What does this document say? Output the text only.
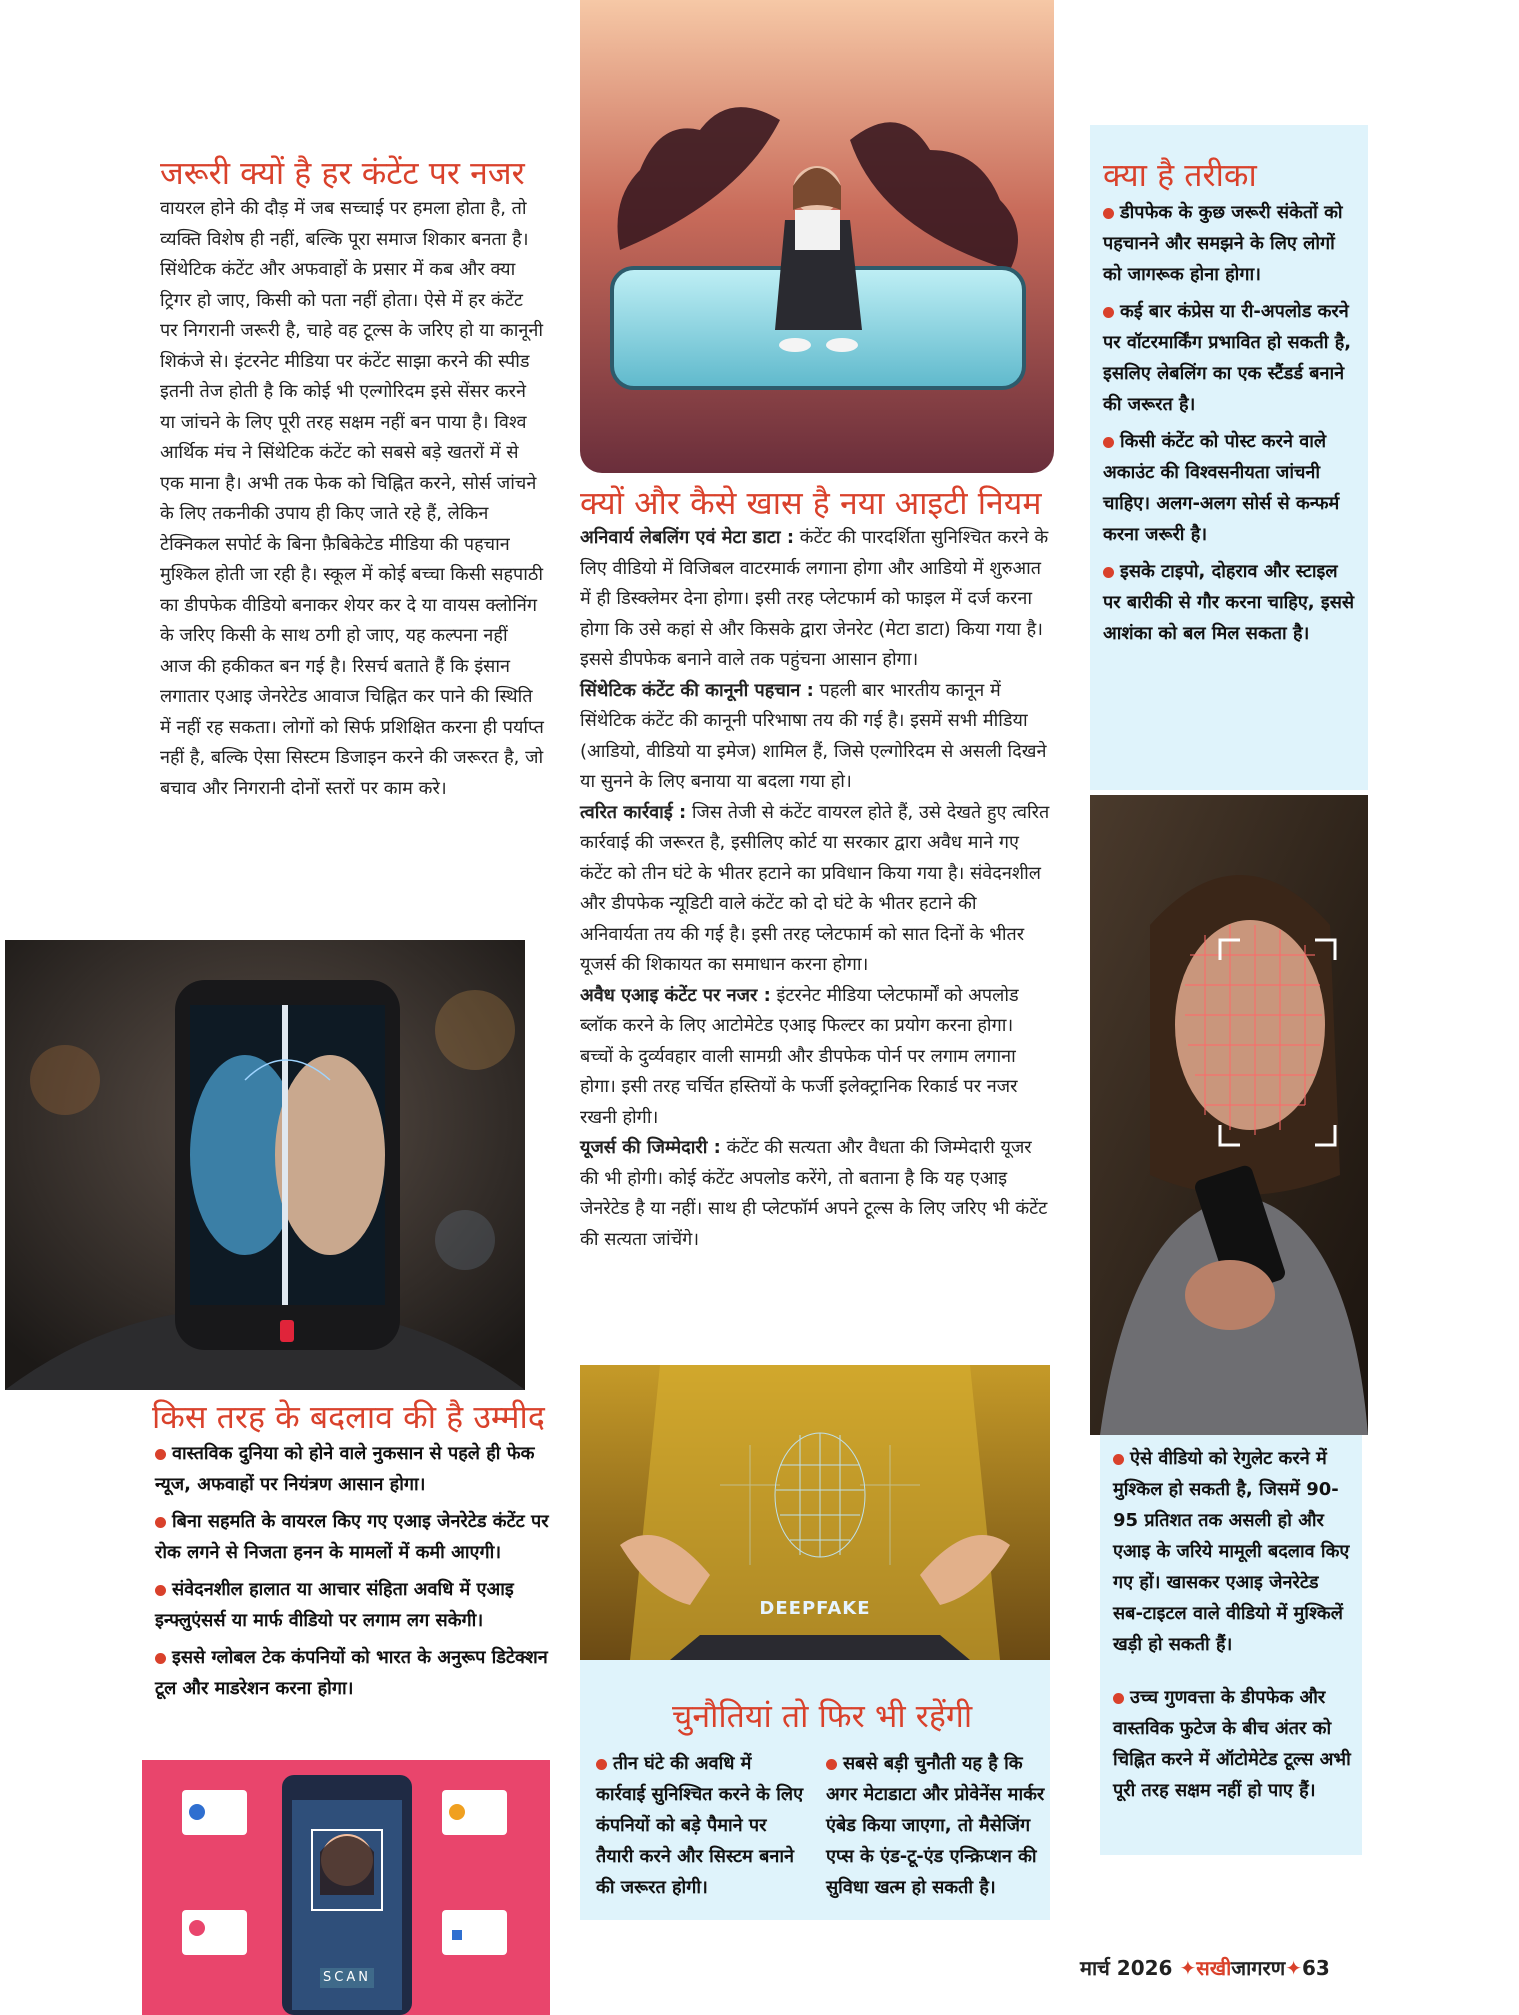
जरूरी क्यों है हर कंटेंट पर नजर

वायरल होने की दौड़ में जब सच्चाई पर हमला होता है, तो व्यक्ति विशेष ही नहीं, बल्कि पूरा समाज शिकार बनता है। सिंथेटिक कंटेंट और अफवाहों के प्रसार में कब और क्या ट्रिगर हो जाए, किसी को पता नहीं होता। ऐसे में हर कंटेंट पर निगरानी जरूरी है, चाहे वह टूल्स के जरिए हो या कानूनी शिकंजे से। इंटरनेट मीडिया पर कंटेंट साझा करने की स्पीड इतनी तेज होती है कि कोई भी एल्गोरिदम इसे सेंसर करने या जांचने के लिए पूरी तरह सक्षम नहीं बन पाया है। विश्व आर्थिक मंच ने सिंथेटिक कंटेंट को सबसे बड़े खतरों में से एक माना है। अभी तक फेक को चिह्नित करने, सोर्स जांचने के लिए तकनीकी उपाय ही किए जाते रहे हैं, लेकिन टेक्निकल सपोर्ट के बिना फ़ैबिकेटेड मीडिया की पहचान मुश्किल होती जा रही है। स्कूल में कोई बच्चा किसी सहपाठी का डीपफेक वीडियो बनाकर शेयर कर दे या वायस क्लोनिंग के जरिए किसी के साथ ठगी हो जाए, यह कल्पना नहीं आज की हकीकत बन गई है। रिसर्च बताते हैं कि इंसान लगातार एआइ जेनरेटेड आवाज चिह्नित कर पाने की स्थिति में नहीं रह सकता। लोगों को सिर्फ प्रशिक्षित करना ही पर्याप्त नहीं है, बल्कि ऐसा सिस्टम डिजाइन करने की जरूरत है, जो बचाव और निगरानी दोनों स्तरों पर काम करे।

क्यों और कैसे खास है नया आइटी नियम

अनिवार्य लेबलिंग एवं मेटा डाटा : कंटेंट की पारदर्शिता सुनिश्चित करने के लिए वीडियो में विजिबल वाटरमार्क लगाना होगा और आडियो में शुरुआत में ही डिस्क्लेमर देना होगा। इसी तरह प्लेटफार्म को फाइल में दर्ज करना होगा कि उसे कहां से और किसके द्वारा जेनरेट (मेटा डाटा) किया गया है। इससे डीपफेक बनाने वाले तक पहुंचना आसान होगा।

सिंथेटिक कंटेंट की कानूनी पहचान : पहली बार भारतीय कानून में सिंथेटिक कंटेंट की कानूनी परिभाषा तय की गई है। इसमें सभी मीडिया (आडियो, वीडियो या इमेज) शामिल हैं, जिसे एल्गोरिदम से असली दिखने या सुनने के लिए बनाया या बदला गया हो।

त्वरित कार्रवाई : जिस तेजी से कंटेंट वायरल होते हैं, उसे देखते हुए त्वरित कार्रवाई की जरूरत है, इसीलिए कोर्ट या सरकार द्वारा अवैध माने गए कंटेंट को तीन घंटे के भीतर हटाने का प्रविधान किया गया है। संवेदनशील और डीपफेक न्यूडिटी वाले कंटेंट को दो घंटे के भीतर हटाने की अनिवार्यता तय की गई है। इसी तरह प्लेटफार्म को सात दिनों के भीतर यूजर्स की शिकायत का समाधान करना होगा।

अवैध एआइ कंटेंट पर नजर : इंटरनेट मीडिया प्लेटफार्मों को अपलोड ब्लॉक करने के लिए आटोमेटेड एआइ फिल्टर का प्रयोग करना होगा। बच्चों के दुर्व्यवहार वाली सामग्री और डीपफेक पोर्न पर लगाम लगाना होगा। इसी तरह चर्चित हस्तियों के फर्जी इलेक्ट्रानिक रिकार्ड पर नजर रखनी होगी।

यूजर्स की जिम्मेदारी : कंटेंट की सत्यता और वैधता की जिम्मेदारी यूजर की भी होगी। कोई कंटेंट अपलोड करेंगे, तो बताना है कि यह एआइ जेनरेटेड है या नहीं। साथ ही प्लेटफॉर्म अपने टूल्स के लिए जरिए भी कंटेंट की सत्यता जांचेंगे।

क्या है तरीका
डीपफेक के कुछ जरूरी संकेतों को पहचानने और समझने के लिए लोगों को जागरूक होना होगा।
कई बार कंप्रेस या री-अपलोड करने पर वॉटरमार्किंग प्रभावित हो सकती है, इसलिए लेबलिंग का एक स्टैंडर्ड बनाने की जरूरत है।
किसी कंटेंट को पोस्ट करने वाले अकाउंट की विश्वसनीयता जांचनी चाहिए। अलग-अलग सोर्स से कन्फर्म करना जरूरी है।
इसके टाइपो, दोहराव और स्टाइल पर बारीकी से गौर करना चाहिए, इससे आशंका को बल मिल सकता है।
किस तरह के बदलाव की है उम्मीद
वास्तविक दुनिया को होने वाले नुकसान से पहले ही फेक न्यूज, अफवाहों पर नियंत्रण आसान होगा।
बिना सहमति के वायरल किए गए एआइ जेनरेटेड कंटेंट पर रोक लगने से निजता हनन के मामलों में कमी आएगी।
संवेदनशील हालात या आचार संहिता अवधि में एआइ इन्फ्लुएंसर्स या मार्फ वीडियो पर लगाम लग सकेगी।
इससे ग्लोबल टेक कंपनियों को भारत के अनुरूप डिटेक्शन टूल और माडरेशन करना होगा।
SCAN
DEEPFAKE
चुनौतियां तो फिर भी रहेंगी

तीन घंटे की अवधि में कार्रवाई सुनिश्चित करने के लिए कंपनियों को बड़े पैमाने पर तैयारी करने और सिस्टम बनाने की जरूरत होगी।

सबसे बड़ी चुनौती यह है कि अगर मेटाडाटा और प्रोवेनेंस मार्कर एंबेड किया जाएगा, तो मैसेजिंग एप्स के एंड-टू-एंड एन्क्रिप्शन की सुविधा खत्म हो सकती है।

ऐसे वीडियो को रेगुलेट करने में मुश्किल हो सकती है, जिसमें 90-95 प्रतिशत तक असली हो और एआइ के जरिये मामूली बदलाव किए गए हों। खासकर एआइ जेनरेटेड सब-टाइटल वाले वीडियो में मुश्किलें खड़ी हो सकती हैं।
उच्च गुणवत्ता के डीपफेक और वास्तविक फुटेज के बीच अंतर को चिह्नित करने में ऑटोमेटेड टूल्स अभी पूरी तरह सक्षम नहीं हो पाए हैं।
मार्च 2026 ✦सखीजागरण✦63
